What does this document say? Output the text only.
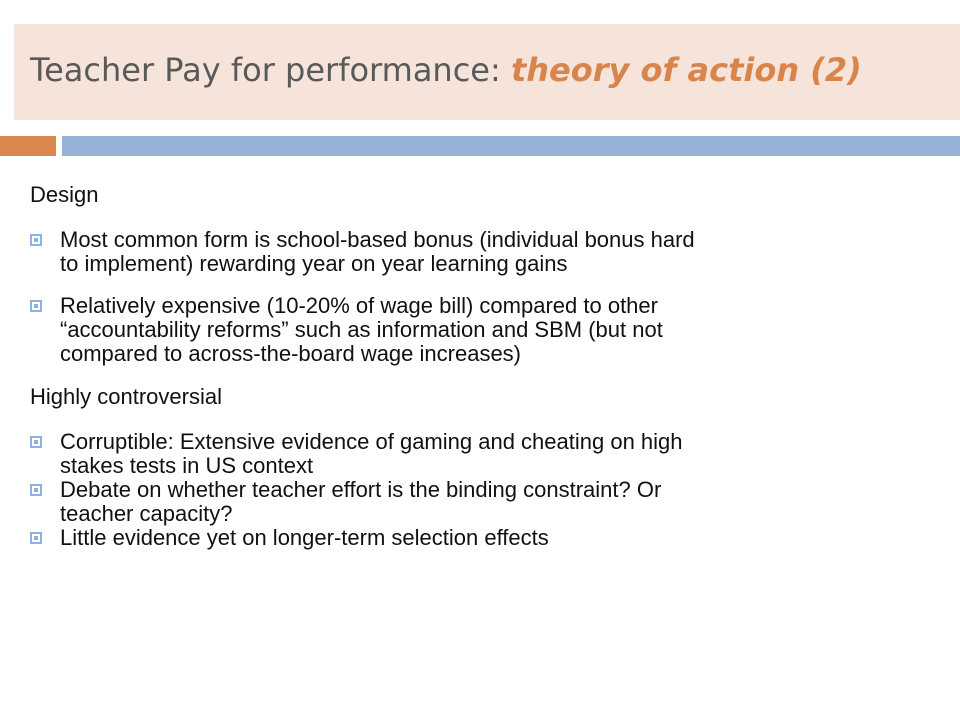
Teacher Pay for performance: theory of action (2)
Design
Most common form is school-based bonus (individual bonus hard
to implement) rewarding year on year learning gains
Relatively expensive (10-20% of wage bill) compared to other
“accountability reforms” such as information and SBM (but not
compared to across-the-board wage increases)
Highly controversial
Corruptible: Extensive evidence of gaming and cheating on high
stakes tests in US context
Debate on whether teacher effort is the binding constraint? Or
teacher capacity?
Little evidence yet on longer-term selection effects
